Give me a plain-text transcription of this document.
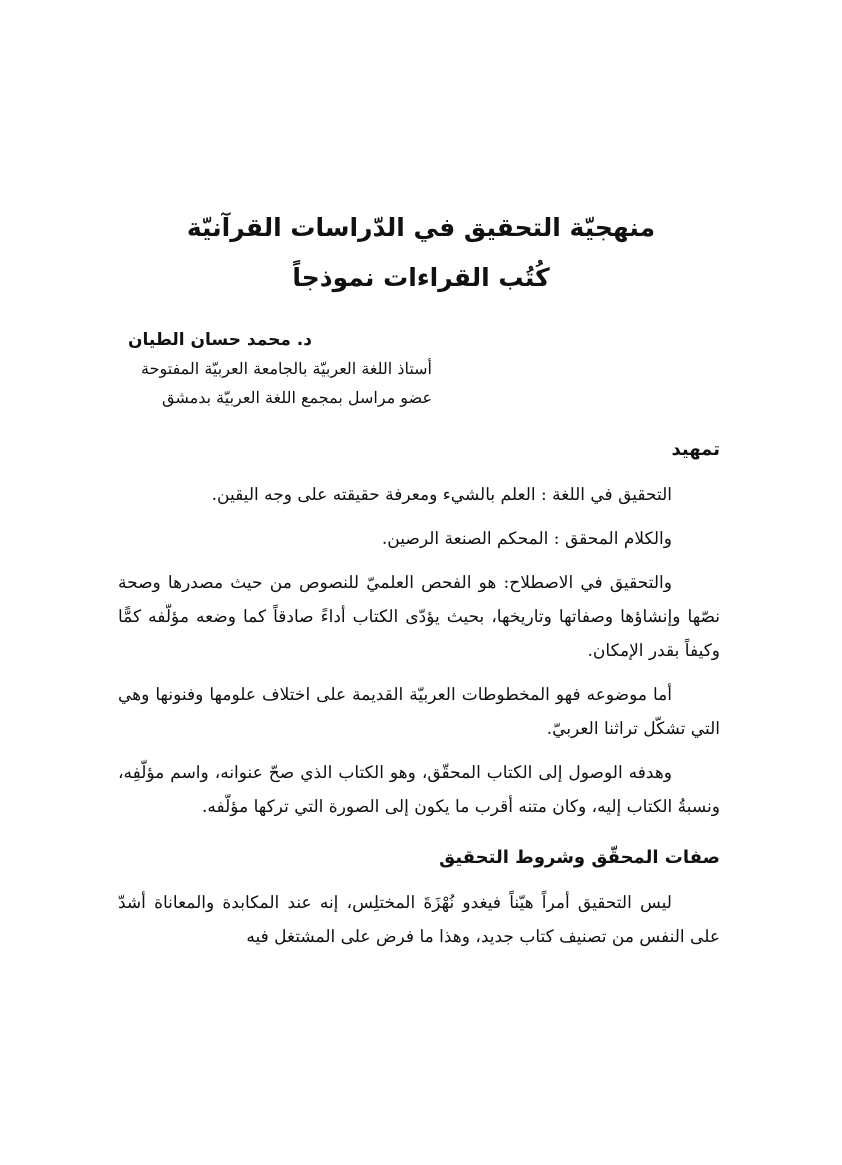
منهجيّة التحقيق في الدّراسات القرآنيّة
كُتُب القراءات نموذجاً
د. محمد حسان الطيان
أستاذ اللغة العربيّة بالجامعة العربيّة المفتوحة
عضو مراسل بمجمع اللغة العربيّة بدمشق
تمهيد

التحقيق في اللغة : العلم بالشيء ومعرفة حقيقته على وجه اليقين.

والكلام المحقق : المحكم الصنعة الرصين.

والتحقيق في الاصطلاح: هو الفحص العلميّ للنصوص من حيث مصدرها وصحة نصّها وإنشاؤها وصفاتها وتاريخها، بحيث يؤدّى الكتاب أداءً صادقاً كما وضعه مؤلّفه كمًّا وكيفاً بقدر الإمكان.

أما موضوعه فهو المخطوطات العربيّة القديمة على اختلاف علومها وفنونها وهي التي تشكّل تراثنا العربيّ.

وهدفه الوصول إلى الكتاب المحقّق، وهو الكتاب الذي صحّ عنوانه، واسم مؤلّفِه، ونسبةُ الكتاب إليه، وكان متنه أقرب ما يكون إلى الصورة التي تركها مؤلّفه.

صفات المحقّق وشروط التحقيق

ليس التحقيق أمراً هيّناً فيغدو نُهْزَةَ المختلِس، إنه عند المكابدة والمعاناة أشدّ على النفس من تصنيف كتاب جديد، وهذا ما فرض على المشتغل فيه
